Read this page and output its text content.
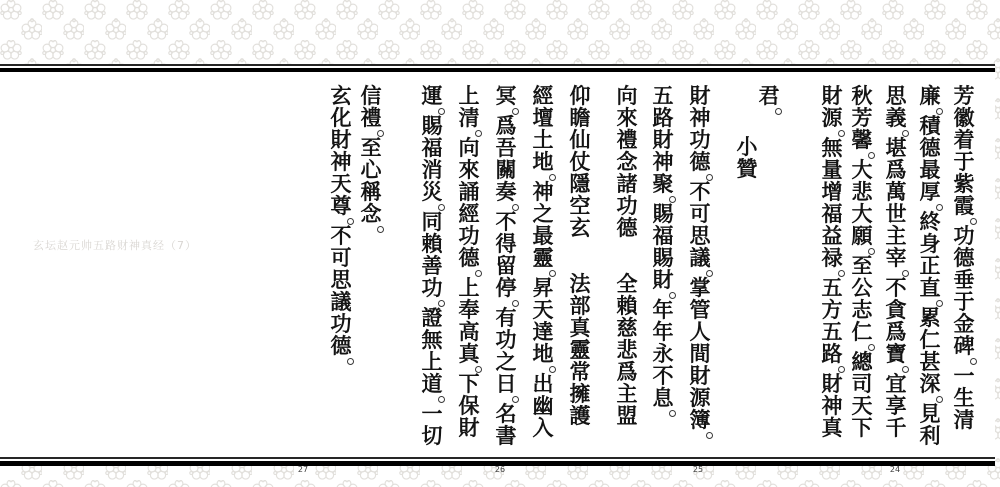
玄坛赵元帅五路财神真经（7）
芳
徽
着
于
紫
霞
功
德
垂
于
金
碑
一
生
清
廉
積
德
最
厚
終
身
正
直
累
仁
甚
深
見
利
思
義
堪
爲
萬
世
主
宰
不
貪
爲
寶
宜
享
千
秋
芳
馨
大
悲
大
願
至
公
志
仁
總
司
天
下
財
源
無
量
增
福
益
禄
五
方
五
路
財
神
真
君
小
贊
財
神
功
德
不
可
思
議
掌
管
人
間
財
源
簿
五
路
財
神
聚
賜
福
賜
財
年
年
永
不
息
向
來
禮
念
諸
功
德
全
賴
慈
悲
爲
主
盟
仰
瞻
仙
仗
隱
空
玄
法
部
真
靈
常
擁
護
經
壇
土
地
神
之
最
靈
昇
天
達
地
出
幽
入
冥
爲
吾
關
奏
不
得
留
停
有
功
之
日
名
書
上
清
向
來
誦
經
功
德
上
奉
高
真
下
保
財
運
賜
福
消
災
同
賴
善
功
證
無
上
道
一
切
信
禮
至
心
稱
念
玄
化
財
神
天
尊
不
可
思
議
功
德
27	26	25	24
